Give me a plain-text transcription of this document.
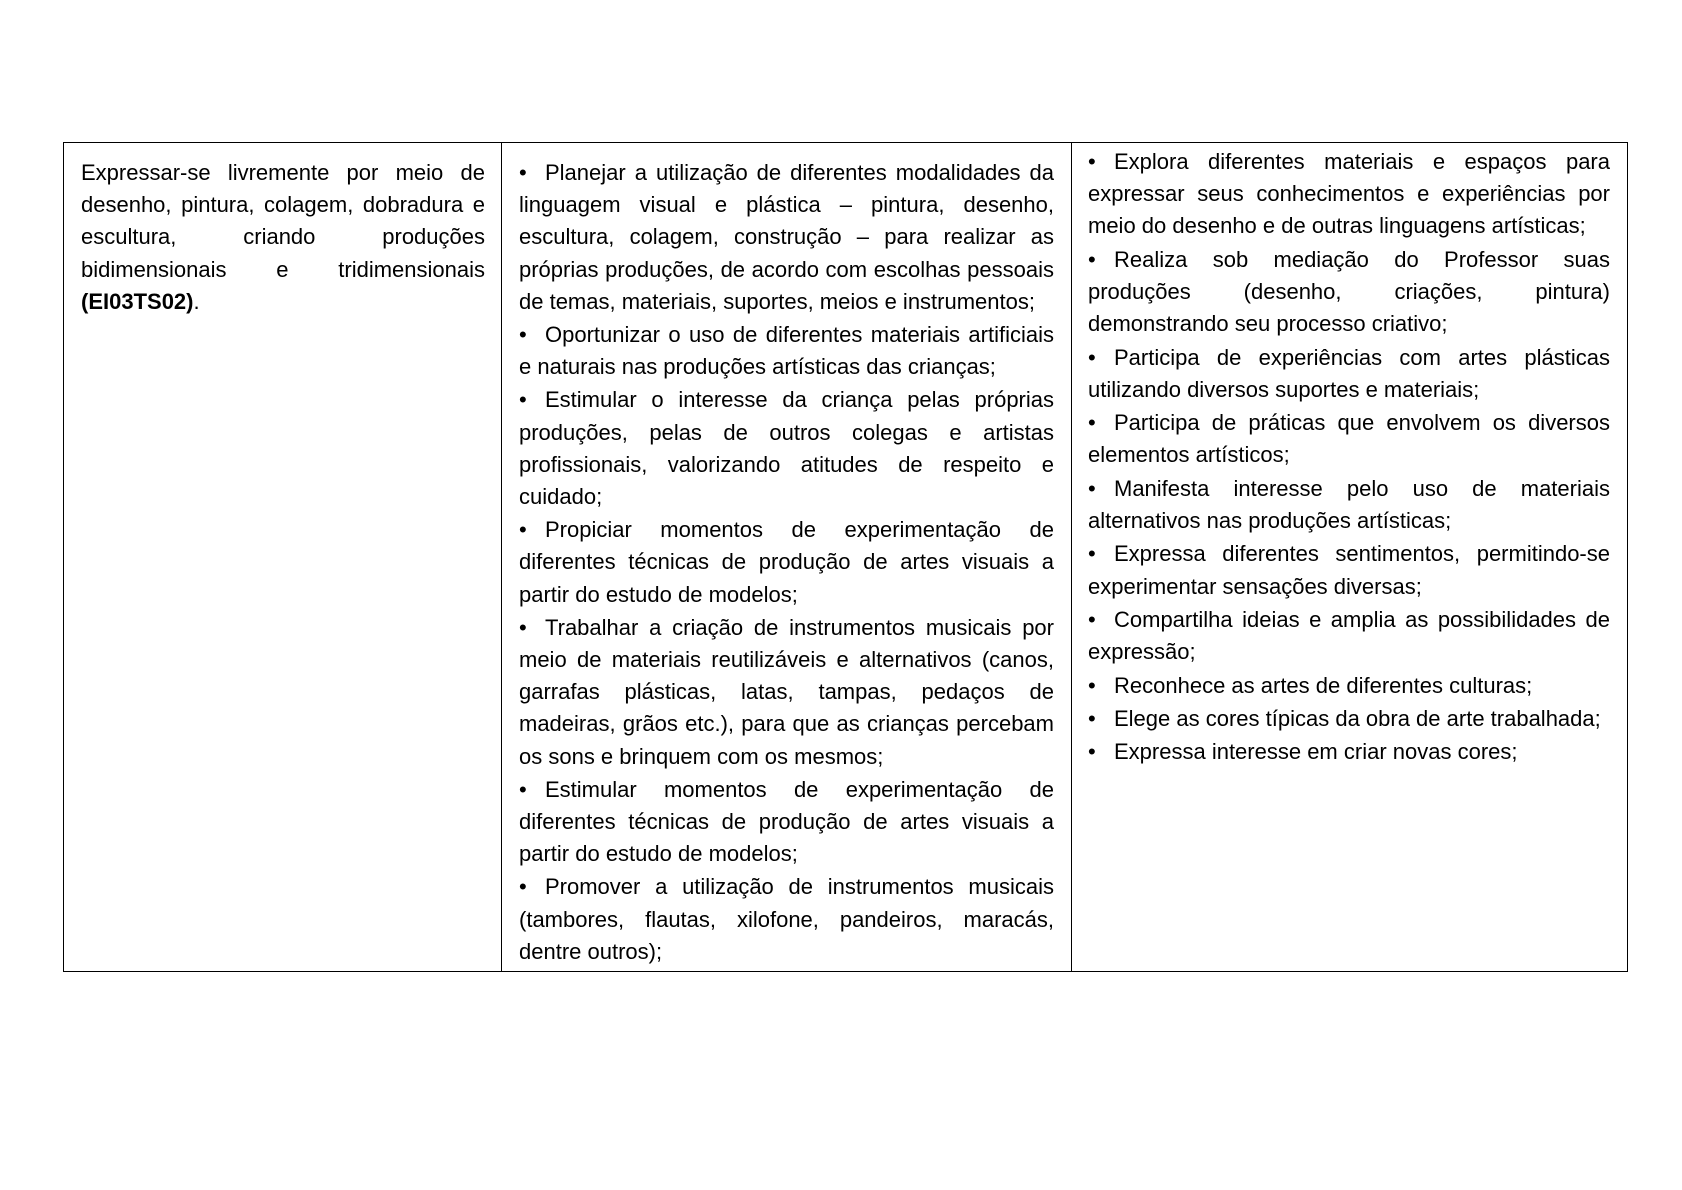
Expressar-se livremente por meio de desenho, pintura, colagem, dobradura e escultura, criando produções bidimensionais e tridimensionais (EI03TS02).

• Planejar a utilização de diferentes modalidades da linguagem visual e plástica – pintura, desenho, escultura, colagem, construção – para realizar as próprias produções, de acordo com escolhas pessoais de temas, materiais, suportes, meios e instrumentos;
• Oportunizar o uso de diferentes materiais artificiais e naturais nas produções artísticas das crianças;
• Estimular o interesse da criança pelas próprias produções, pelas de outros colegas e artistas profissionais, valorizando atitudes de respeito e cuidado;
• Propiciar momentos de experimentação de diferentes técnicas de produção de artes visuais a partir do estudo de modelos;
• Trabalhar a criação de instrumentos musicais por meio de materiais reutilizáveis e alternativos (canos, garrafas plásticas, latas, tampas, pedaços de madeiras, grãos etc.), para que as crianças percebam os sons e brinquem com os mesmos;
• Estimular momentos de experimentação de diferentes técnicas de produção de artes visuais a partir do estudo de modelos;
• Promover a utilização de instrumentos musicais (tambores, flautas, xilofone, pandeiros, maracás, dentre outros);

• Explora diferentes materiais e espaços para expressar seus conhecimentos e experiências por meio do desenho e de outras linguagens artísticas;
• Realiza sob mediação do Professor suas produções (desenho, criações, pintura) demonstrando seu processo criativo;
• Participa de experiências com artes plásticas utilizando diversos suportes e materiais;
• Participa de práticas que envolvem os diversos elementos artísticos;
• Manifesta interesse pelo uso de materiais alternativos nas produções artísticas;
• Expressa diferentes sentimentos, permitindo-se experimentar sensações diversas;
• Compartilha ideias e amplia as possibilidades de expressão;
• Reconhece as artes de diferentes culturas;
• Elege as cores típicas da obra de arte trabalhada;
• Expressa interesse em criar novas cores;
